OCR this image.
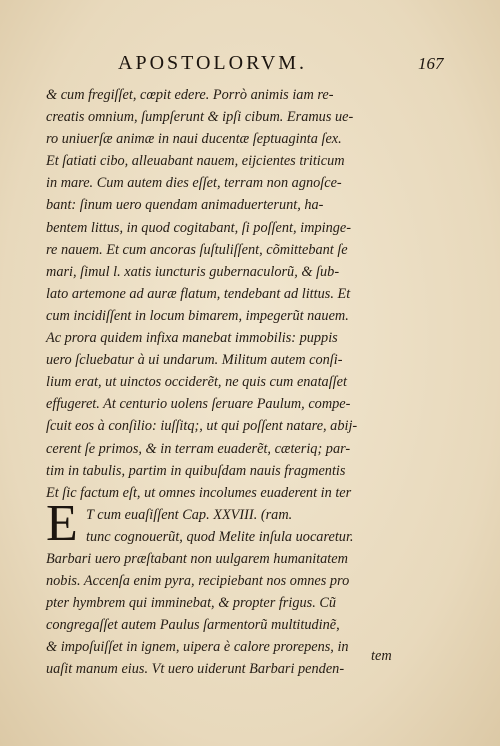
APOSTOLORVM.	167
& cum fregiſſet, cœpit edere. Porrò animis iam re-
creatis omnium, ſumpſerunt & ipſi cibum. Eramus ue-
ro uniuerſæ animæ in naui ducentæ ſeptuaginta ſex.
Et ſatiati cibo, alleuabant nauem, eijcientes triticum
in mare. Cum autem dies eſſet, terram non agnoſce-
bant: ſinum uero quendam animaduerterunt, ha-
bentem littus, in quod cogitabant, ſi poſſent, impinge-
re nauem. Et cum ancoras ſuſtuliſſent, cõmittebant ſe
mari, ſimul l. xatis iuncturis gubernaculorũ, & ſub-
lato artemone ad auræ flatum, tendebant ad littus. Et
cum incidiſſent in locum bimarem, impegerũt nauem.
Ac prora quidem infixa manebat immobilis: puppis
uero ſcluebatur à ui undarum. Militum autem conſi-
lium erat, ut uinctos occiderẽt, ne quis cum enataſſet
effugeret. At centurio uolens ſeruare Paulum, compe-
ſcuit eos à conſilio: iuſſitq;, ut qui poſſent natare, abij-
cerent ſe primos, & in terram euaderẽt, cæteriq; par-
tim in tabulis, partim in quibuſdam nauis fragmentis
Et ſic factum eſt, ut omnes incolumes euaderent in ter
E T cum euaſiſſent Cap. XXVIII. (ram.
tunc cognouerũt, quod Melite inſula uocaretur.
Barbari uero præſtabant non uulgarem humanitatem
nobis. Accenſa enim pyra, recipiebant nos omnes pro
pter hymbrem qui imminebat, & propter frigus. Cũ
congregaſſet autem Paulus ſarmentorũ multitudinẽ,
& impoſuiſſet in ignem, uipera è calore prorepens, in
uaſit manum eius. Vt uero uiderunt Barbari penden-
tem
